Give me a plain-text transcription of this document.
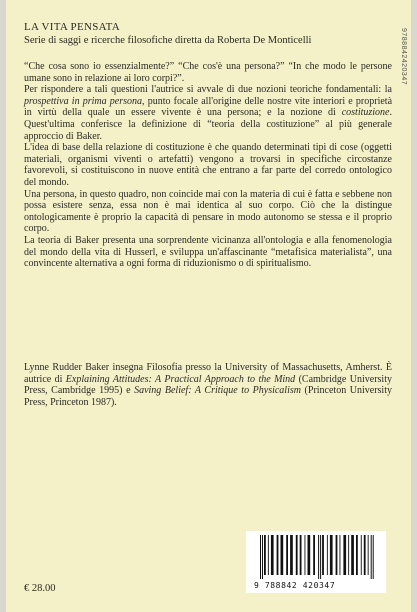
9788842420347
LA VITA PENSATA
Serie di saggi e ricerche filosofiche diretta da Roberta De Monticelli

“Che cosa sono io essenzialmente?” “Che cos'è una persona?” “In che modo le persone umane sono in relazione ai loro corpi?”.

Per rispondere a tali questioni l'autrice si avvale di due nozioni teoriche fondamentali: la prospettiva in prima persona, punto focale all'origine delle nostre vite interiori e proprietà in virtù della quale un essere vivente è una persona; e la nozione di costituzione. Quest'ultima conferisce la definizione di “teoria della costituzione” al più generale approccio di Baker.

L'idea di base della relazione di costituzione è che quando determinati tipi di cose (oggetti materiali, organismi viventi o artefatti) vengono a trovarsi in specifiche circostanze favorevoli, si costituiscono in nuove entità che entrano a far parte del corredo ontologico del mondo.

Una persona, in questo quadro, non coincide mai con la materia di cui è fatta e sebbene non possa esistere senza, essa non è mai identica al suo corpo. Ciò che la distingue ontologicamente è proprio la capacità di pensare in modo autonomo se stessa e il proprio corpo.

La teoria di Baker presenta una sorprendente vicinanza all'ontologia e alla fenomenologia del mondo della vita di Husserl, e sviluppa un'affascinante “metafisica materialista”, una convincente alternativa a ogni forma di riduzionismo o di spiritualismo.

Lynne Rudder Baker insegna Filosofia presso la University of Massachusetts, Amherst. È autrice di Explaining Attitudes: A Practical Approach to the Mind (Cambridge University Press, Cambridge 1995) e Saving Belief: A Critique to Physicalism (Princeton University Press, Princeton 1987).

€ 28.00	9 788842 420347
